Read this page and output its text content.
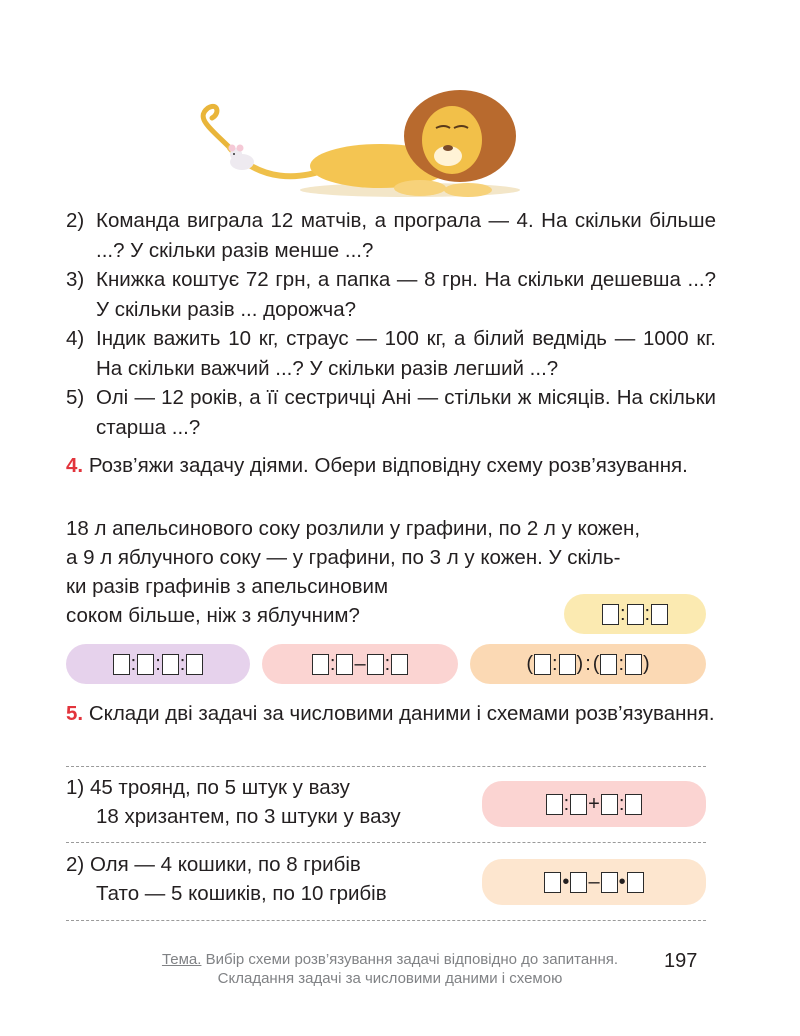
2) Команда виграла 12 матчів, а програла — 4. На скільки більше ...? У скільки разів менше ...?
3) Книжка коштує 72 грн, а папка — 8 грн. На скільки дешевша ...? У скільки разів ... дорожча?
4) Індик важить 10 кг, страус — 100 кг, а білий ведмідь — 1000 кг. На скільки важчий ...? У скільки разів легший ...?
5) Олі — 12 років, а її сестричці Ані — стільки ж місяців. На скільки старша ...?
4. Розв’яжи задачу діями. Обери відповідну схему розв’язування.
18 л апельсинового соку розлили у графини, по 2 л у кожен,
а 9 л яблучного соку — у графини, по 3 л у кожен. У скіль-
ки разів графинів з апельсиновим
соком більше, ніж з яблучним?	: :
: : :	: – :	( : ) : ( : )
5. Склади дві задачі за числовими даними і схемами розв’язування.
1) 45 троянд, по 5 штук у вазу
18 хризантем, по 3 штуки у вазу
: + :
2) Оля — 4 кошики, по 8 грибів
Тато — 5 кошиків, по 10 грибів
• – •
Тема. Вибір схеми розв’язування задачі відповідно до запитання.
Складання задачі за числовими даними і схемою
197
